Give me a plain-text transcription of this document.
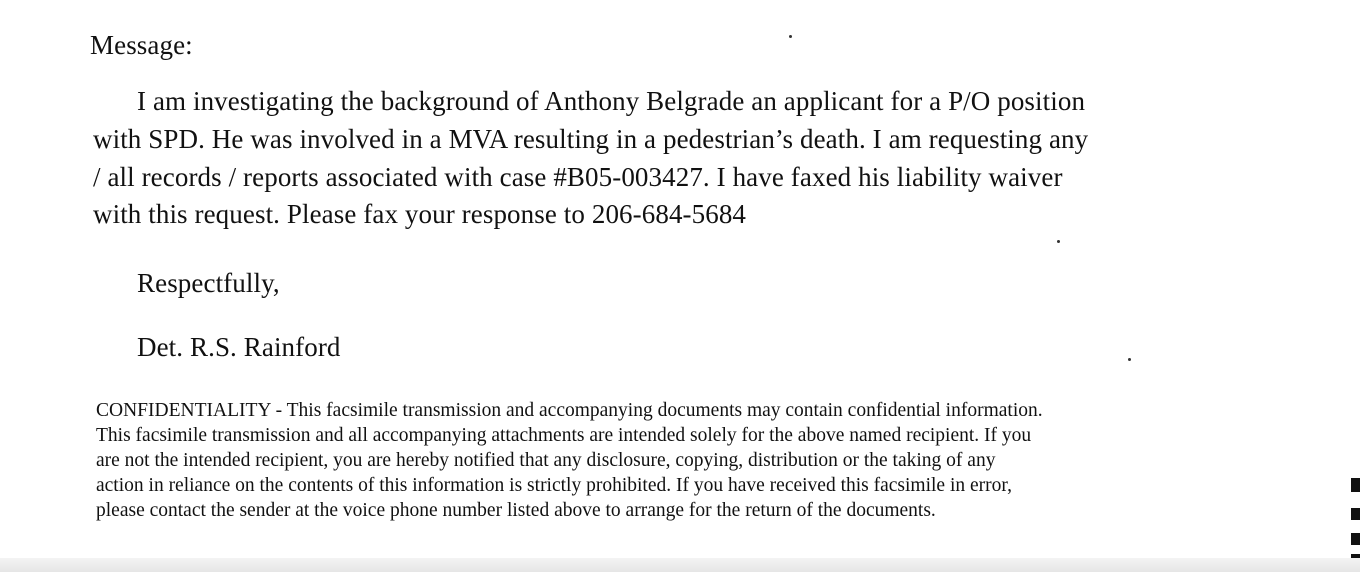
Message:
I am investigating the background of Anthony Belgrade an applicant for a P/O position
with SPD. He was involved in a MVA resulting in a pedestrian’s death. I am requesting any
/ all records / reports associated with case #B05-003427. I have faxed his liability waiver
with this request. Please fax your response to 206-684-5684
Respectfully,
Det. R.S. Rainford
CONFIDENTIALITY - This facsimile transmission and accompanying documents may contain confidential information.
This facsimile transmission and all accompanying attachments are intended solely for the above named recipient. If you
are not the intended recipient, you are hereby notified that any disclosure, copying, distribution or the taking of any
action in reliance on the contents of this information is strictly prohibited. If you have received this facsimile in error,
please contact the sender at the voice phone number listed above to arrange for the return of the documents.
